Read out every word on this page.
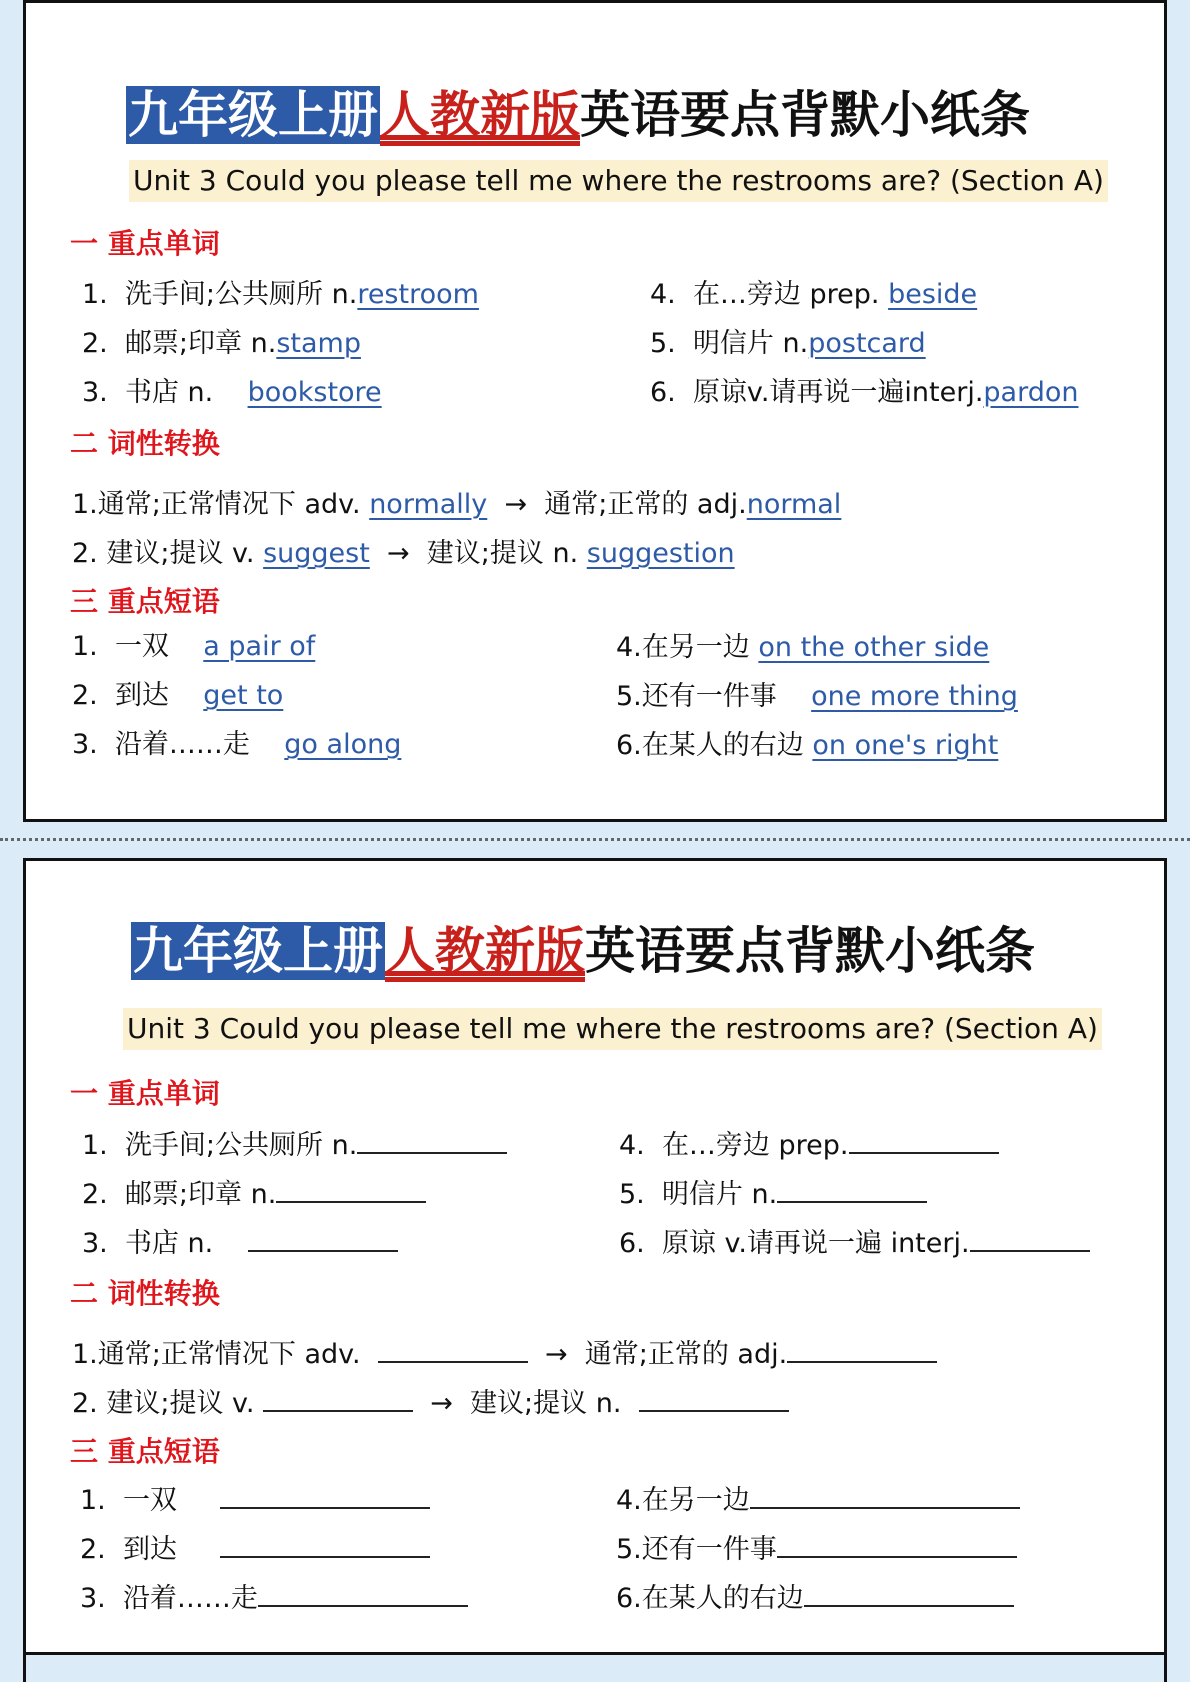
九年级上册人教新版英语要点背默小纸条
Unit 3 Could you please tell me where the restrooms are? (Section A)
一 重点单词
1. 洗手间;公共厕所 n.restroom
2. 邮票;印章 n.stamp
3. 书店 n. bookstore
4. 在…旁边 prep. beside
5. 明信片 n.postcard
6. 原谅v.请再说一遍interj.pardon
二 词性转换
1.通常;正常情况下 adv. normally → 通常;正常的 adj.normal
2. 建议;提议 v. suggest → 建议;提议 n. suggestion
三 重点短语
1. 一双 a pair of
2. 到达 get to
3. 沿着……走 go along
4.在另一边 on the other side
5.还有一件事 one more thing
6.在某人的右边 on one's right
九年级上册人教新版英语要点背默小纸条
Unit 3 Could you please tell me where the restrooms are? (Section A)
一 重点单词
1. 洗手间;公共厕所 n.
2. 邮票;印章 n.
3. 书店 n.
4. 在…旁边 prep.
5. 明信片 n.
6. 原谅 v.请再说一遍 interj.
二 词性转换
1.通常;正常情况下 adv.	→ 通常;正常的 adj.
2. 建议;提议 v.	→ 建议;提议 n.
三 重点短语
1. 一双
2. 到达
3. 沿着……走
4.在另一边
5.还有一件事
6.在某人的右边
